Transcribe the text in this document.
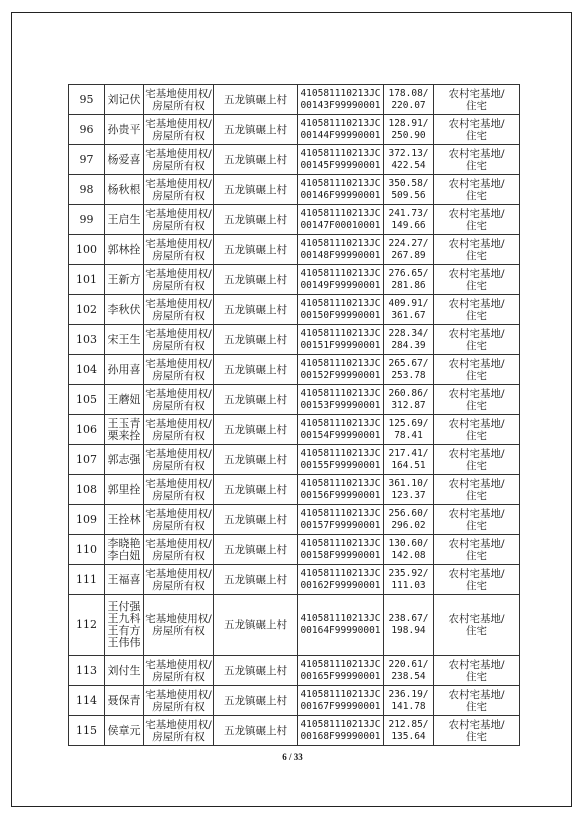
95	刘记伏	宅基地使用权/
房屋所有权	五龙镇碾上村	410581110213JC
00143F99990001	178.08/
220.07	农村宅基地/
住宅

96	孙贵平	宅基地使用权/
房屋所有权	五龙镇碾上村	410581110213JC
00144F99990001	128.91/
250.90	农村宅基地/
住宅

97	杨爱喜	宅基地使用权/
房屋所有权	五龙镇碾上村	410581110213JC
00145F99990001	372.13/
422.54	农村宅基地/
住宅

98	杨秋根	宅基地使用权/
房屋所有权	五龙镇碾上村	410581110213JC
00146F99990001	350.58/
509.56	农村宅基地/
住宅

99	王启生	宅基地使用权/
房屋所有权	五龙镇碾上村	410581110213JC
00147F00010001	241.73/
149.66	农村宅基地/
住宅

100	郭林拴	宅基地使用权/
房屋所有权	五龙镇碾上村	410581110213JC
00148F99990001	224.27/
267.89	农村宅基地/
住宅

101	王新方	宅基地使用权/
房屋所有权	五龙镇碾上村	410581110213JC
00149F99990001	276.65/
281.86	农村宅基地/
住宅

102	李秋伏	宅基地使用权/
房屋所有权	五龙镇碾上村	410581110213JC
00150F99990001	409.91/
361.67	农村宅基地/
住宅

103	宋王生	宅基地使用权/
房屋所有权	五龙镇碾上村	410581110213JC
00151F99990001	228.34/
284.39	农村宅基地/
住宅

104	孙用喜	宅基地使用权/
房屋所有权	五龙镇碾上村	410581110213JC
00152F99990001	265.67/
253.78	农村宅基地/
住宅

105	王蘑妞	宅基地使用权/
房屋所有权	五龙镇碾上村	410581110213JC
00153F99990001	260.86/
312.87	农村宅基地/
住宅

106	王玉青
栗来拴	宅基地使用权/
房屋所有权	五龙镇碾上村	410581110213JC
00154F99990001	125.69/
78.41	农村宅基地/
住宅

107	郭志强	宅基地使用权/
房屋所有权	五龙镇碾上村	410581110213JC
00155F99990001	217.41/
164.51	农村宅基地/
住宅

108	郭里拴	宅基地使用权/
房屋所有权	五龙镇碾上村	410581110213JC
00156F99990001	361.10/
123.37	农村宅基地/
住宅

109	王拴林	宅基地使用权/
房屋所有权	五龙镇碾上村	410581110213JC
00157F99990001	256.60/
296.02	农村宅基地/
住宅

110	李晓艳
李白妞	宅基地使用权/
房屋所有权	五龙镇碾上村	410581110213JC
00158F99990001	130.60/
142.08	农村宅基地/
住宅

111	王福喜	宅基地使用权/
房屋所有权	五龙镇碾上村	410581110213JC
00162F99990001	235.92/
111.03	农村宅基地/
住宅

112	王付强
王九科
王有方
王伟伟	宅基地使用权/
房屋所有权	五龙镇碾上村	410581110213JC
00164F99990001	238.67/
198.94	农村宅基地/
住宅

113	刘付生	宅基地使用权/
房屋所有权	五龙镇碾上村	410581110213JC
00165F99990001	220.61/
238.54	农村宅基地/
住宅

114	聂保青	宅基地使用权/
房屋所有权	五龙镇碾上村	410581110213JC
00167F99990001	236.19/
141.78	农村宅基地/
住宅

115	侯章元	宅基地使用权/
房屋所有权	五龙镇碾上村	410581110213JC
00168F99990001	212.85/
135.64	农村宅基地/
住宅
6 / 33
